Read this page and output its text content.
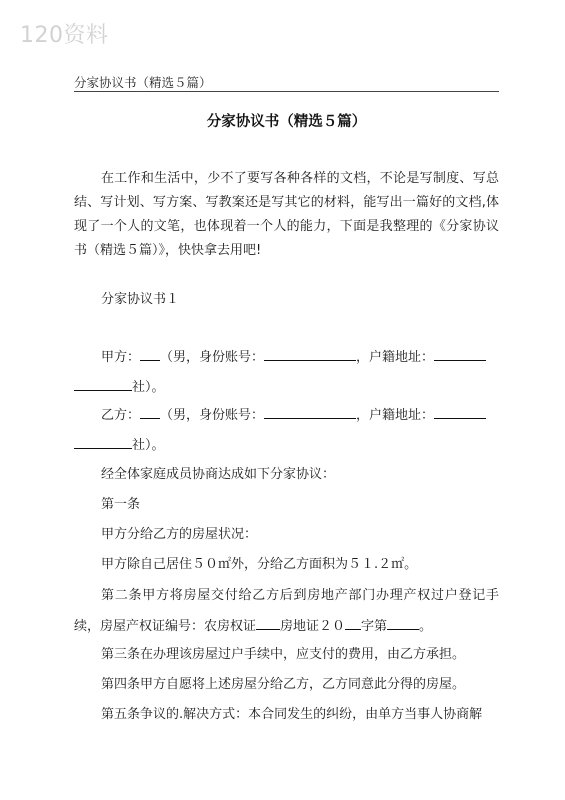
120资料
分家协议书（精选５篇）
分家协议书（精选５篇）
在工作和生活中，少不了要写各种各样的文档，不论是写制度、写总结、写计划、写方案、写教案还是写其它的材料，能写出一篇好的文档,体现了一个人的文笔，也体现着一个人的能力，下面是我整理的《分家协议书（精选５篇）》，快快拿去用吧!
分家协议书１
甲方： （男，身份账号：	，户籍地址：
社）。
乙方： （男，身份账号：	，户籍地址：
社）。
经全体家庭成员协商达成如下分家协议：
第一条
甲方分给乙方的房屋状况：
甲方除自己居住５０㎡外，分给乙方面积为５１.２㎡。
第二条甲方将房屋交付给乙方后到房地产部门办理产权过户登记手续，房屋产权证编号：农房权证 房地证２０ 字第 。
第三条在办理该房屋过户手续中，应支付的费用，由乙方承担。
第四条甲方自愿将上述房屋分给乙方，乙方同意此分得的房屋。
第五条争议的.解决方式：本合同发生的纠纷，由单方当事人协商解
